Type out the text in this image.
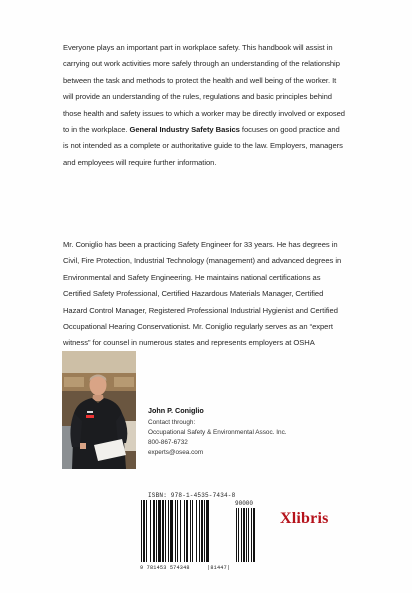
Everyone plays an important part in workplace safety. This handbook will assist in carrying out work activities more safely through an understanding of the relationship between the task and methods to protect the health and well being of the worker. It will provide an understanding of the rules, regulations and basic principles behind those health and safety issues to which a worker may be directly involved or exposed to in the workplace. General Industry Safety Basics focuses on good practice and is not intended as a complete or authoritative guide to the law. Employers, managers and employees will require further information.

Mr. Coniglio has been a practicing Safety Engineer for 33 years. He has degrees in Civil, Fire Protection, Industrial Technology (management) and advanced degrees in Environmental and Safety Engineering. He maintains national certifications as Certified Safety Professional, Certified Hazardous Materials Manager, Certified Hazard Control Manager, Registered Professional Industrial Hygienist and Certified Occupational Hearing Conservationist. Mr. Coniglio regularly serves as an “expert witness” for counsel in numerous states and represents employers at OSHA

John P. Coniglio
Contact through:
Occupational Safety & Environmental Assoc. Inc.
800-867-6732
experts@osea.com
ISBN: 978-1-4535-7434-8
90000
9 781453 574348	|81447|
Xlibris
